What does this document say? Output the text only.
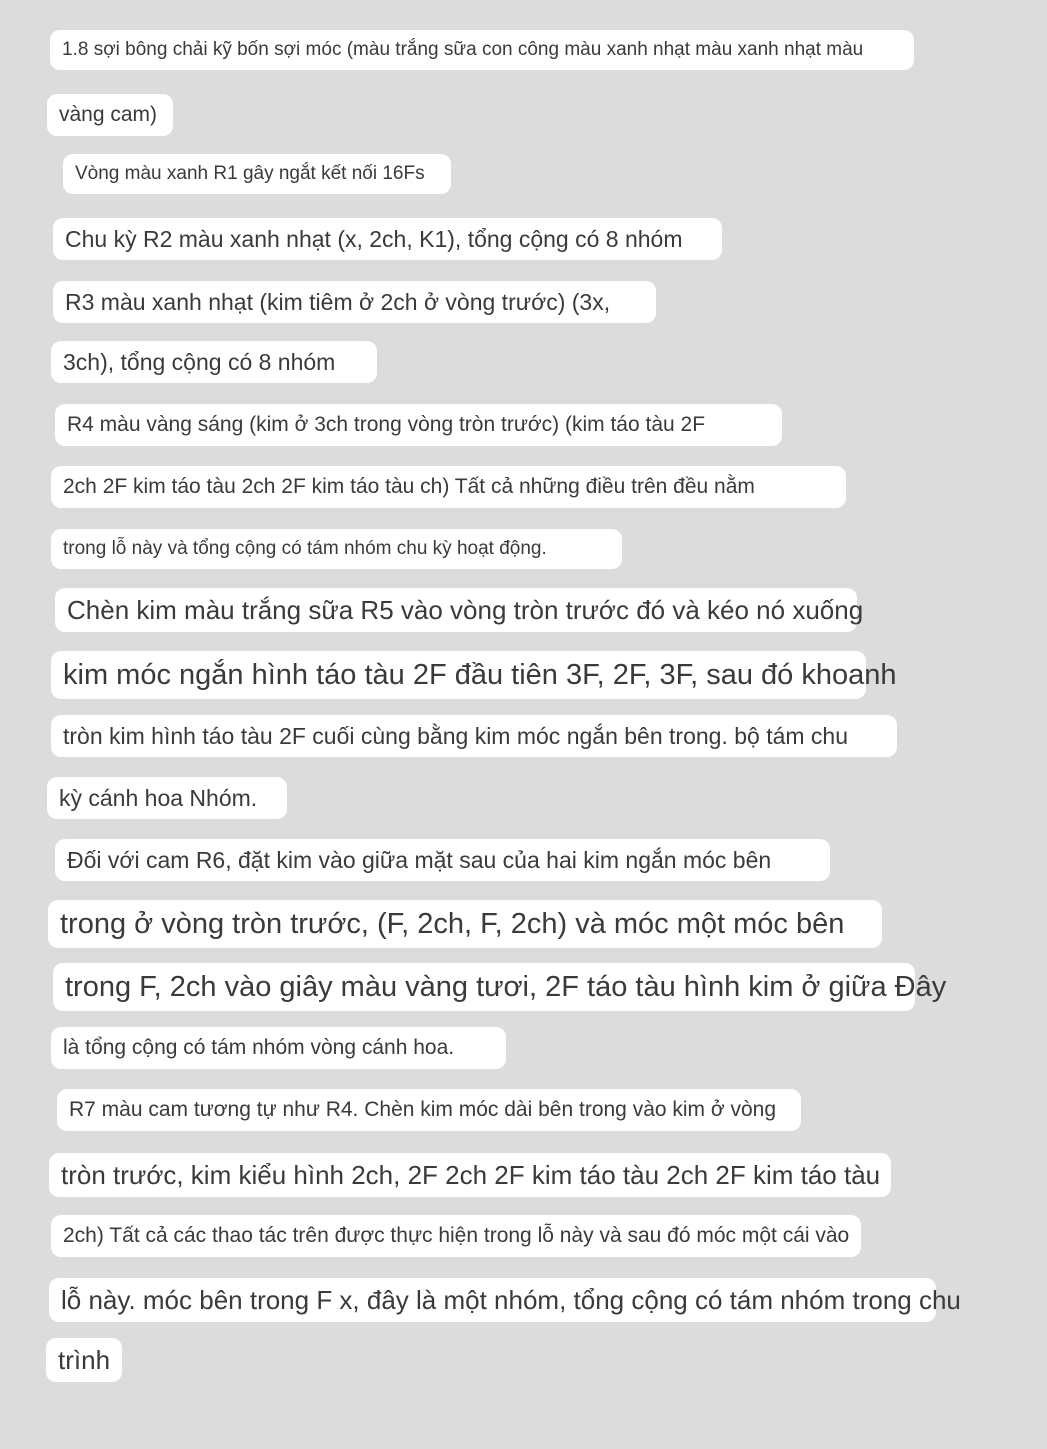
1.8 sợi bông chải kỹ bốn sợi móc (màu trắng sữa con công màu xanh nhạt màu xanh nhạt màu
vàng cam)
Vòng màu xanh R1 gây ngắt kết nối 16Fs
Chu kỳ R2 màu xanh nhạt (x, 2ch, K1), tổng cộng có 8 nhóm
R3 màu xanh nhạt (kim tiêm ở 2ch ở vòng trước) (3x,
3ch), tổng cộng có 8 nhóm
R4 màu vàng sáng (kim ở 3ch trong vòng tròn trước) (kim táo tàu 2F
2ch 2F kim táo tàu 2ch 2F kim táo tàu ch) Tất cả những điều trên đều nằm
trong lỗ này và tổng cộng có tám nhóm chu kỳ hoạt động.
Chèn kim màu trắng sữa R5 vào vòng tròn trước đó và kéo nó xuống
kim móc ngắn hình táo tàu 2F đầu tiên 3F, 2F, 3F, sau đó khoanh
tròn kim hình táo tàu 2F cuối cùng bằng kim móc ngắn bên trong. bộ tám chu
kỳ cánh hoa Nhóm.
Đối với cam R6, đặt kim vào giữa mặt sau của hai kim ngắn móc bên
trong ở vòng tròn trước, (F, 2ch, F, 2ch) và móc một móc bên
trong F, 2ch vào giây màu vàng tươi, 2F táo tàu hình kim ở giữa Đây
là tổng cộng có tám nhóm vòng cánh hoa.
R7 màu cam tương tự như R4. Chèn kim móc dài bên trong vào kim ở vòng
tròn trước, kim kiểu hình 2ch, 2F 2ch 2F kim táo tàu 2ch 2F kim táo tàu
2ch) Tất cả các thao tác trên được thực hiện trong lỗ này và sau đó móc một cái vào
lỗ này. móc bên trong F x, đây là một nhóm, tổng cộng có tám nhóm trong chu
trình
